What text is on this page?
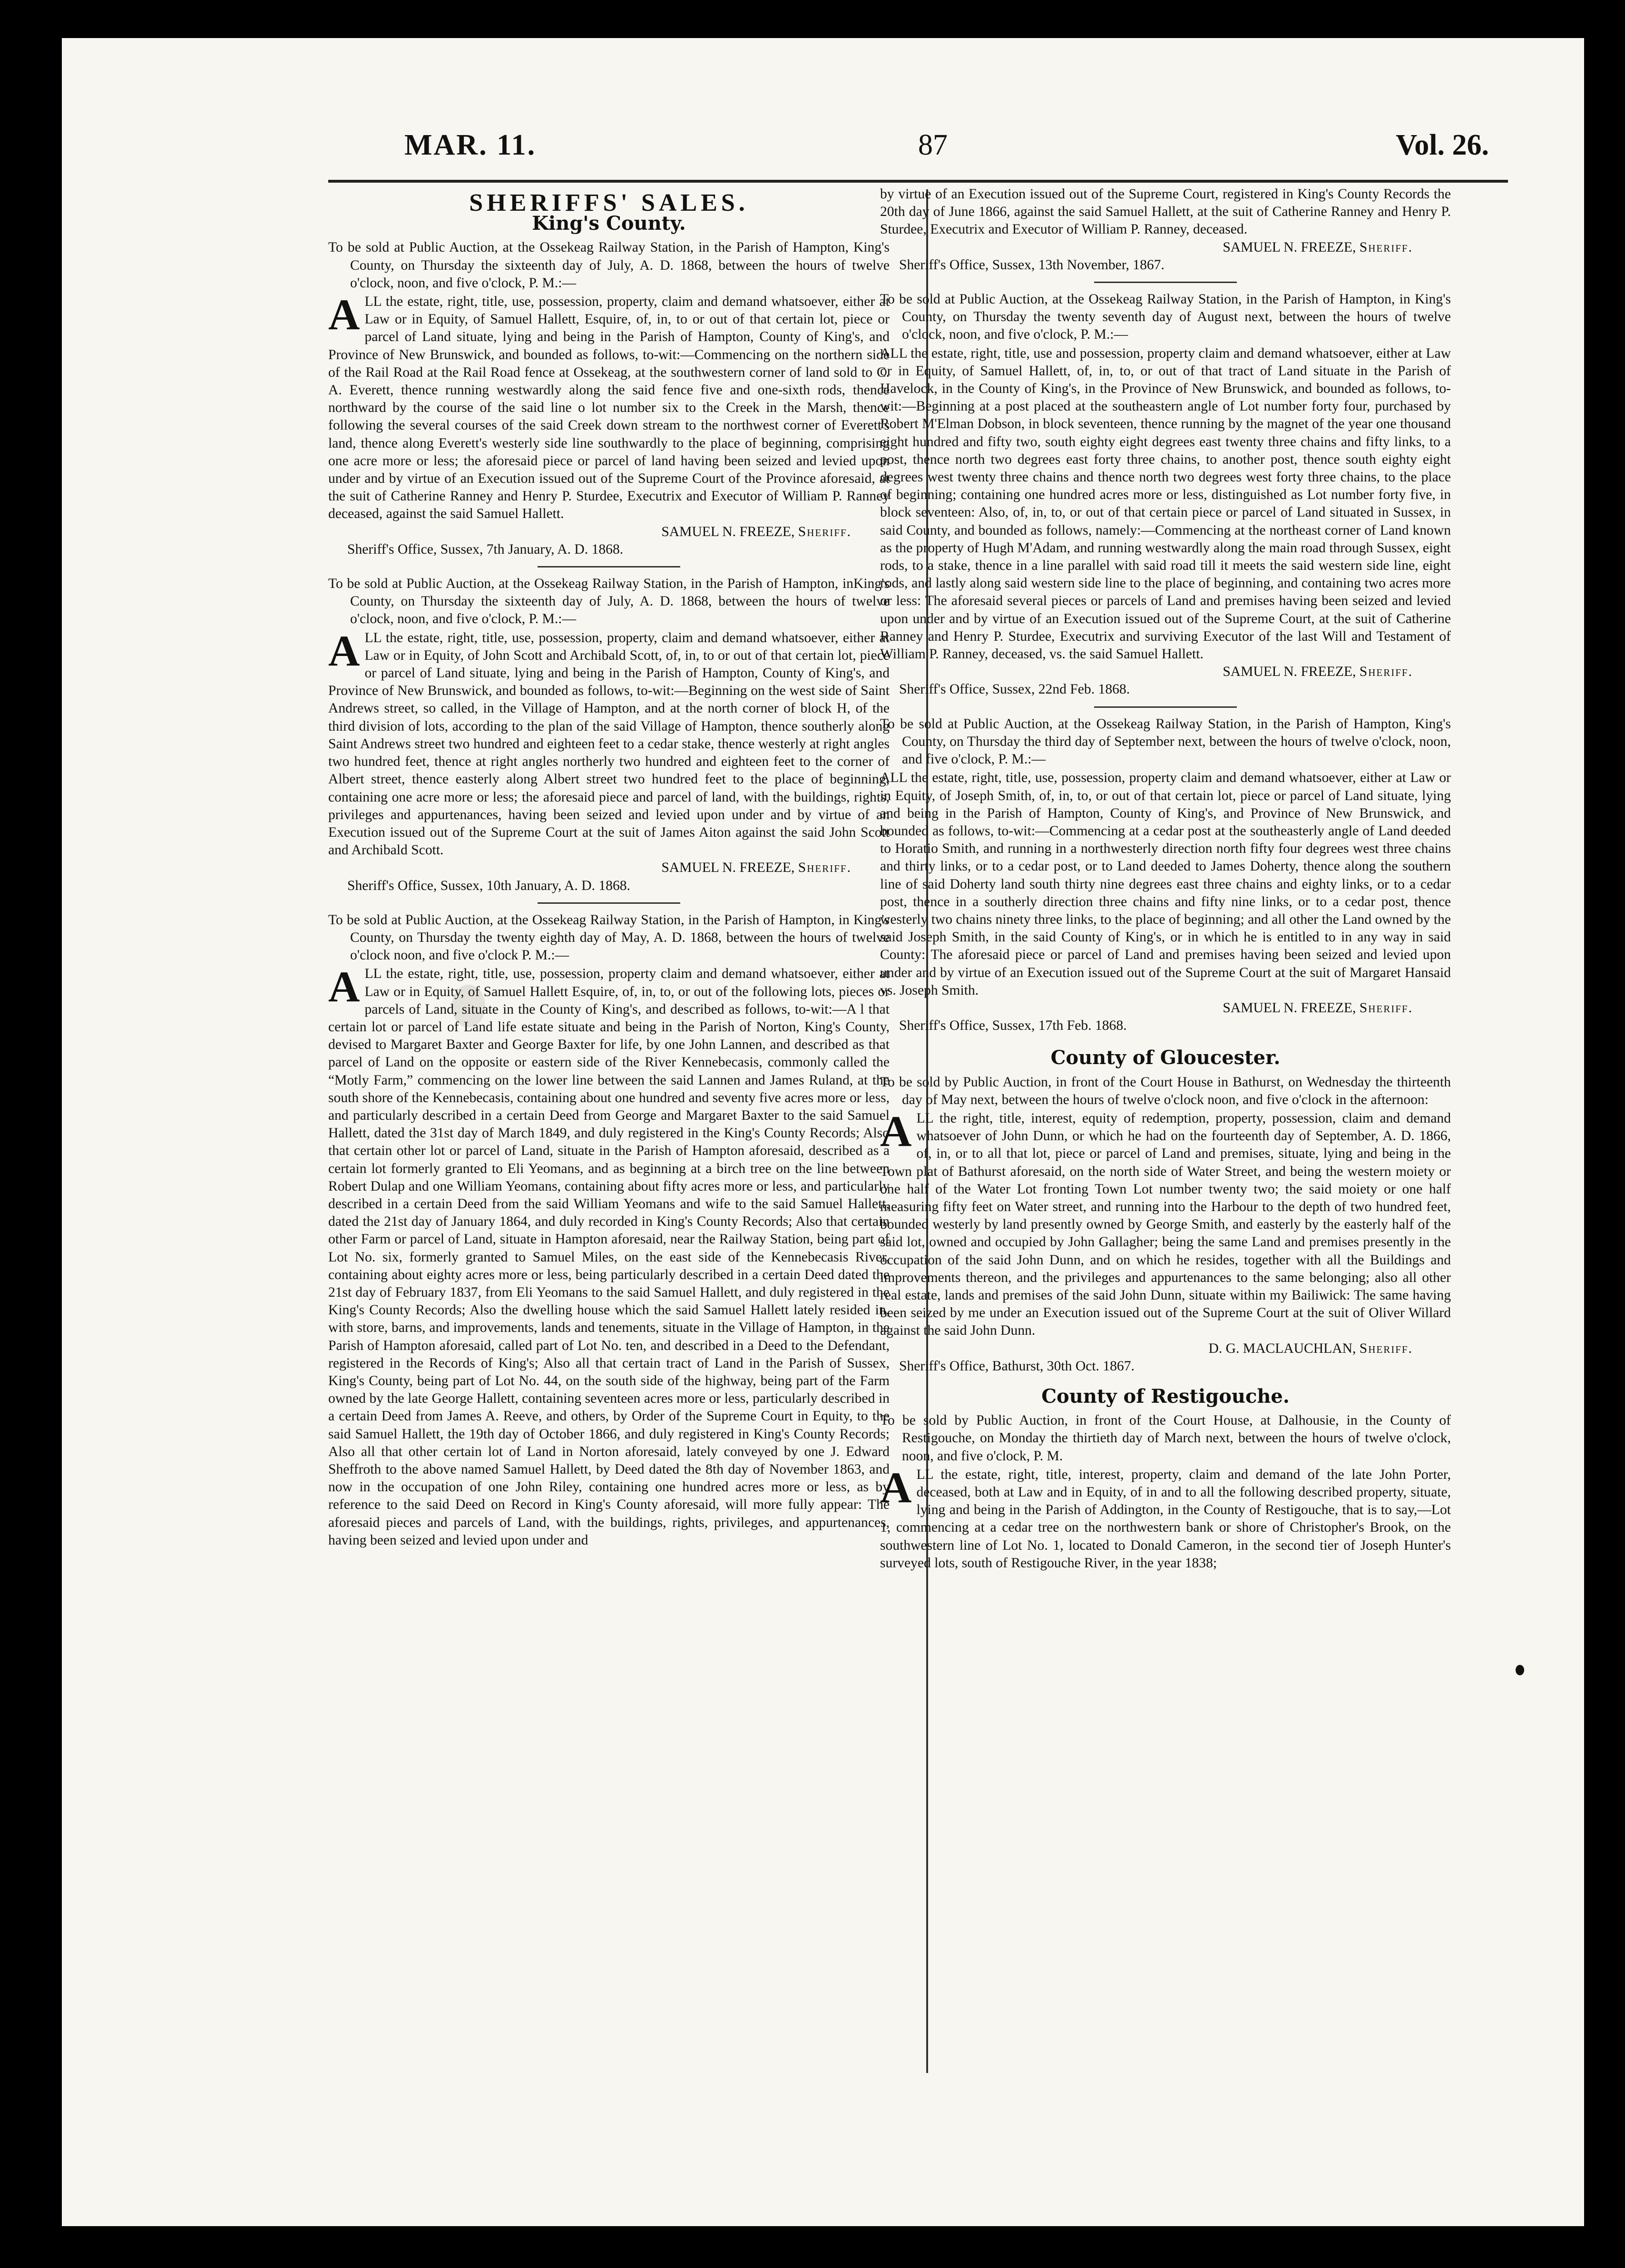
MAR. 11.	87	Vol. 26.
SHERIFFS' SALES.
King's County.

To be sold at Public Auction, at the Ossekeag Railway Station, in the Parish of Hampton, King's County, on Thursday the sixteenth day of July, A. D. 1868, between the hours of twelve o'clock, noon, and five o'clock, P. M.:—

ALL the estate, right, title, use, possession, property, claim and demand whatsoever, either at Law or in Equity, of Samuel Hallett, Esquire, of, in, to or out of that certain lot, piece or parcel of Land situate, lying and being in the Parish of Hampton, County of King's, and Province of New Brunswick, and bounded as follows, to-wit:—Commencing on the northern side of the Rail Road at the Rail Road fence at Ossekeag, at the southwestern corner of land sold to C. A. Everett, thence running westwardly along the said fence five and one-sixth rods, thence northward by the course of the said line o lot number six to the Creek in the Marsh, thence following the several courses of the said Creek down stream to the northwest corner of Everett's land, thence along Everett's westerly side line southwardly to the place of beginning, comprising one acre more or less; the aforesaid piece or parcel of land having been seized and levied upon under and by virtue of an Execution issued out of the Supreme Court of the Province aforesaid, at the suit of Catherine Ranney and Henry P. Sturdee, Executrix and Executor of William P. Ranney deceased, against the said Samuel Hallett.

SAMUEL N. FREEZE, Sheriff.

Sheriff's Office, Sussex, 7th January, A. D. 1868.

To be sold at Public Auction, at the Ossekeag Railway Station, in the Parish of Hampton, inKing's County, on Thursday the sixteenth day of July, A. D. 1868, between the hours of twelve o'clock, noon, and five o'clock, P. M.:—

ALL the estate, right, title, use, possession, property, claim and demand whatsoever, either at Law or in Equity, of John Scott and Archibald Scott, of, in, to or out of that certain lot, piece or parcel of Land situate, lying and being in the Parish of Hampton, County of King's, and Province of New Brunswick, and bounded as follows, to-wit:—Beginning on the west side of Saint Andrews street, so called, in the Village of Hampton, and at the north corner of block H, of the third division of lots, according to the plan of the said Village of Hampton, thence southerly along Saint Andrews street two hundred and eighteen feet to a cedar stake, thence westerly at right angles two hundred feet, thence at right angles northerly two hundred and eighteen feet to the corner of Albert street, thence easterly along Albert street two hundred feet to the place of beginning, containing one acre more or less; the aforesaid piece and parcel of land, with the buildings, rights, privileges and appurtenances, having been seized and levied upon under and by virtue of an Execution issued out of the Supreme Court at the suit of James Aiton against the said John Scott and Archibald Scott.

SAMUEL N. FREEZE, Sheriff.

Sheriff's Office, Sussex, 10th January, A. D. 1868.

To be sold at Public Auction, at the Ossekeag Railway Station, in the Parish of Hampton, in King's County, on Thursday the twenty eighth day of May, A. D. 1868, between the hours of twelve o'clock noon, and five o'clock P. M.:—

ALL the estate, right, title, use, possession, property claim and demand whatsoever, either at Law or in Equity, of Samuel Hallett Esquire, of, in, to, or out of the following lots, pieces or parcels of Land, situate in the County of King's, and described as follows, to-wit:—A l that certain lot or parcel of Land life estate situate and being in the Parish of Norton, King's County, devised to Margaret Baxter and George Baxter for life, by one John Lannen, and described as that parcel of Land on the opposite or eastern side of the River Kennebecasis, commonly called the “Motly Farm,” commencing on the lower line between the said Lannen and James Ruland, at the south shore of the Kennebecasis, containing about one hundred and seventy five acres more or less, and particularly described in a certain Deed from George and Margaret Baxter to the said Samuel Hallett, dated the 31st day of March 1849, and duly registered in the King's County Records; Also that certain other lot or parcel of Land, situate in the Parish of Hampton aforesaid, described as a certain lot formerly granted to Eli Yeomans, and as beginning at a birch tree on the line between Robert Dulap and one William Yeomans, containing about fifty acres more or less, and particularly described in a certain Deed from the said William Yeomans and wife to the said Samuel Hallett, dated the 21st day of January 1864, and duly recorded in King's County Records; Also that certain other Farm or parcel of Land, situate in Hampton aforesaid, near the Railway Station, being part of Lot No. six, formerly granted to Samuel Miles, on the east side of the Kennebecasis River, containing about eighty acres more or less, being particularly described in a certain Deed dated the 21st day of February 1837, from Eli Yeomans to the said Samuel Hallett, and duly registered in the King's County Records; Also the dwelling house which the said Samuel Hallett lately resided in, with store, barns, and improvements, lands and tenements, situate in the Village of Hampton, in the Parish of Hampton aforesaid, called part of Lot No. ten, and described in a Deed to the Defendant, registered in the Records of King's; Also all that certain tract of Land in the Parish of Sussex, King's County, being part of Lot No. 44, on the south side of the highway, being part of the Farm owned by the late George Hallett, containing seventeen acres more or less, particularly described in a certain Deed from James A. Reeve, and others, by Order of the Supreme Court in Equity, to the said Samuel Hallett, the 19th day of October 1866, and duly registered in King's County Records; Also all that other certain lot of Land in Norton aforesaid, lately conveyed by one J. Edward Sheffroth to the above named Samuel Hallett, by Deed dated the 8th day of November 1863, and now in the occupation of one John Riley, containing one hundred acres more or less, as by reference to the said Deed on Record in King's County aforesaid, will more fully appear: The aforesaid pieces and parcels of Land, with the buildings, rights, privileges, and appurtenances, having been seized and levied upon under and

by virtue of an Execution issued out of the Supreme Court, registered in King's County Records the 20th day of June 1866, against the said Samuel Hallett, at the suit of Catherine Ranney and Henry P. Sturdee, Executrix and Executor of William P. Ranney, deceased.

SAMUEL N. FREEZE, Sheriff.

Sheriff's Office, Sussex, 13th November, 1867.

To be sold at Public Auction, at the Ossekeag Railway Station, in the Parish of Hampton, in King's County, on Thursday the twenty seventh day of August next, between the hours of twelve o'clock, noon, and five o'clock, P. M.:—

ALL the estate, right, title, use and possession, property claim and demand whatsoever, either at Law or in Equity, of Samuel Hallett, of, in, to, or out of that tract of Land situate in the Parish of Havelock, in the County of King's, in the Province of New Brunswick, and bounded as follows, to-wit:—Beginning at a post placed at the southeastern angle of Lot number forty four, purchased by Robert M'Elman Dobson, in block seventeen, thence running by the magnet of the year one thousand eight hundred and fifty two, south eighty eight degrees east twenty three chains and fifty links, to a post, thence north two degrees east forty three chains, to another post, thence south eighty eight degrees west twenty three chains and thence north two degrees west forty three chains, to the place of beginning; containing one hundred acres more or less, distinguished as Lot number forty five, in block seventeen: Also, of, in, to, or out of that certain piece or parcel of Land situated in Sussex, in said County, and bounded as follows, namely:—Commencing at the northeast corner of Land known as the property of Hugh M'Adam, and running westwardly along the main road through Sussex, eight rods, to a stake, thence in a line parallel with said road till it meets the said western side line, eight rods, and lastly along said western side line to the place of beginning, and containing two acres more or less: The aforesaid several pieces or parcels of Land and premises having been seized and levied upon under and by virtue of an Execution issued out of the Supreme Court, at the suit of Catherine Ranney and Henry P. Sturdee, Executrix and surviving Executor of the last Will and Testament of William P. Ranney, deceased, vs. the said Samuel Hallett.

SAMUEL N. FREEZE, Sheriff.

Sheriff's Office, Sussex, 22nd Feb. 1868.

To be sold at Public Auction, at the Ossekeag Railway Station, in the Parish of Hampton, King's County, on Thursday the third day of September next, between the hours of twelve o'clock, noon, and five o'clock, P. M.:—

ALL the estate, right, title, use, possession, property claim and demand whatsoever, either at Law or in Equity, of Joseph Smith, of, in, to, or out of that certain lot, piece or parcel of Land situate, lying and being in the Parish of Hampton, County of King's, and Province of New Brunswick, and bounded as follows, to-wit:—Commencing at a cedar post at the southeasterly angle of Land deeded to Horatio Smith, and running in a northwesterly direction north fifty four degrees west three chains and thirty links, or to a cedar post, or to Land deeded to James Doherty, thence along the southern line of said Doherty land south thirty nine degrees east three chains and eighty links, or to a cedar post, thence in a southerly direction three chains and fifty nine links, or to a cedar post, thence westerly two chains ninety three links, to the place of beginning; and all other the Land owned by the said Joseph Smith, in the said County of King's, or in which he is entitled to in any way in said County: The aforesaid piece or parcel of Land and premises having been seized and levied upon under and by virtue of an Execution issued out of the Supreme Court at the suit of Margaret Hansaid vs. Joseph Smith.

SAMUEL N. FREEZE, Sheriff.

Sheriff's Office, Sussex, 17th Feb. 1868.

County of Gloucester.

To be sold by Public Auction, in front of the Court House in Bathurst, on Wednesday the thirteenth day of May next, between the hours of twelve o'clock noon, and five o'clock in the afternoon:

ALL the right, title, interest, equity of redemption, property, possession, claim and demand whatsoever of John Dunn, or which he had on the fourteenth day of September, A. D. 1866, of, in, or to all that lot, piece or parcel of Land and premises, situate, lying and being in the Town plat of Bathurst aforesaid, on the north side of Water Street, and being the western moiety or one half of the Water Lot fronting Town Lot number twenty two; the said moiety or one half measuring fifty feet on Water street, and running into the Harbour to the depth of two hundred feet, bounded westerly by land presently owned by George Smith, and easterly by the easterly half of the said lot, owned and occupied by John Gallagher; being the same Land and premises presently in the occupation of the said John Dunn, and on which he resides, together with all the Buildings and improvements thereon, and the privileges and appurtenances to the same belonging; also all other real estate, lands and premises of the said John Dunn, situate within my Bailiwick: The same having been seized by me under an Execution issued out of the Supreme Court at the suit of Oliver Willard against the said John Dunn.

D. G. MACLAUCHLAN, Sheriff.

Sheriff's Office, Bathurst, 30th Oct. 1867.

County of Restigouche.

To be sold by Public Auction, in front of the Court House, at Dalhousie, in the County of Restigouche, on Monday the thirtieth day of March next, between the hours of twelve o'clock, noon, and five o'clock, P. M.

ALL the estate, right, title, interest, property, claim and demand of the late John Porter, deceased, both at Law and in Equity, of in and to all the following described property, situate, lying and being in the Parish of Addington, in the County of Restigouche, that is to say,—Lot 1, commencing at a cedar tree on the northwestern bank or shore of Christopher's Brook, on the southwestern line of Lot No. 1, located to Donald Cameron, in the second tier of Joseph Hunter's surveyed lots, south of Restigouche River, in the year 1838;
